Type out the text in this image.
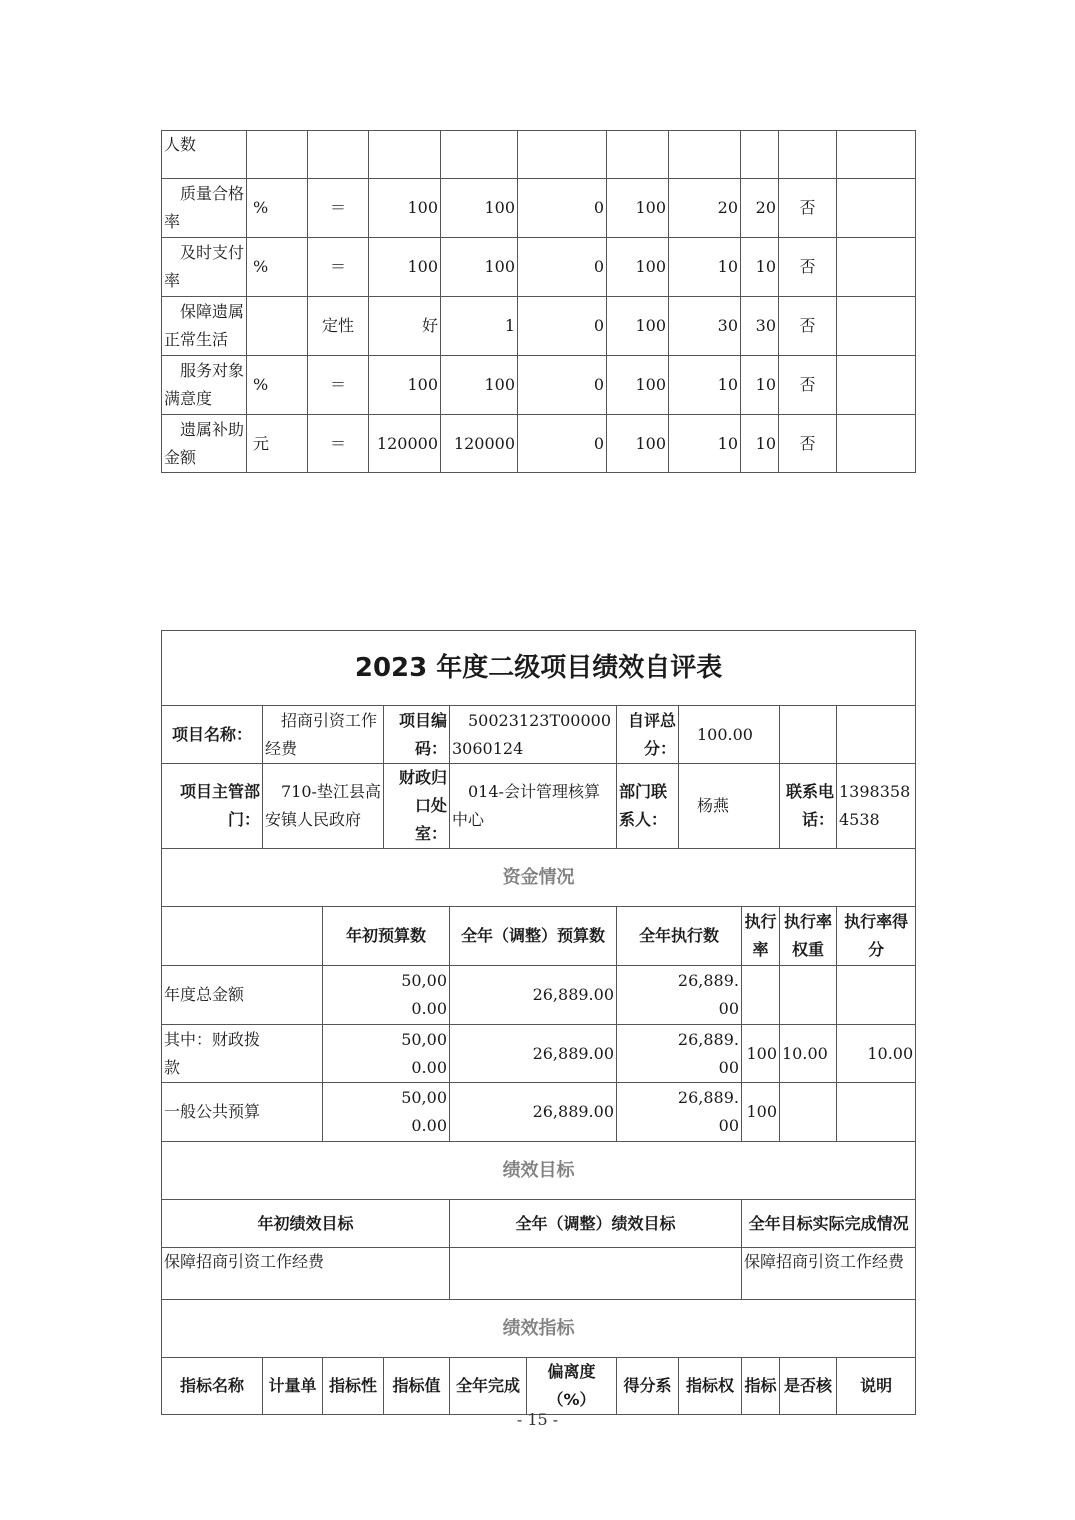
人数										
质量合格率	%	＝	100	100	0	100	20	20	否	
及时支付率	%	＝	100	100	0	100	10	10	否	
保障遗属正常生活		定性	好	1	0	100	30	30	否	
服务对象满意度	%	＝	100	100	0	100	10	10	否	
遗属补助金额	元	＝	120000	120000	0	100	10	10	否	
2023 年度二级项目绩效自评表										
项目名称：	招商引资工作经费		项目编码：	50023123T000003060124		自评总分：	100.00			
项目主管部门：	710-垫江县高安镇人民政府		财政归口处室：	014-会计管理核算中心		部门联系人：	杨燕		联系电话：	13983584538
资金情况										
		年初预算数		全年（调整）预算数		全年执行数		执行率	执行率权重	执行率得分
年度总金额		50,000.00		26,889.00		26,889.00				
其中：财政拨款		50,000.00		26,889.00		26,889.00		100	10.00	10.00
一般公共预算		50,000.00		26,889.00		26,889.00		100		
绩效目标										
年初绩效目标				全年（调整）绩效目标				全年目标实际完成情况		
保障招商引资工作经费								保障招商引资工作经费		
绩效指标										
指标名称	计量单	指标性	指标值	全年完成	偏离度（%）	得分系	指标权	指标	是否核	说明
- 15 -
